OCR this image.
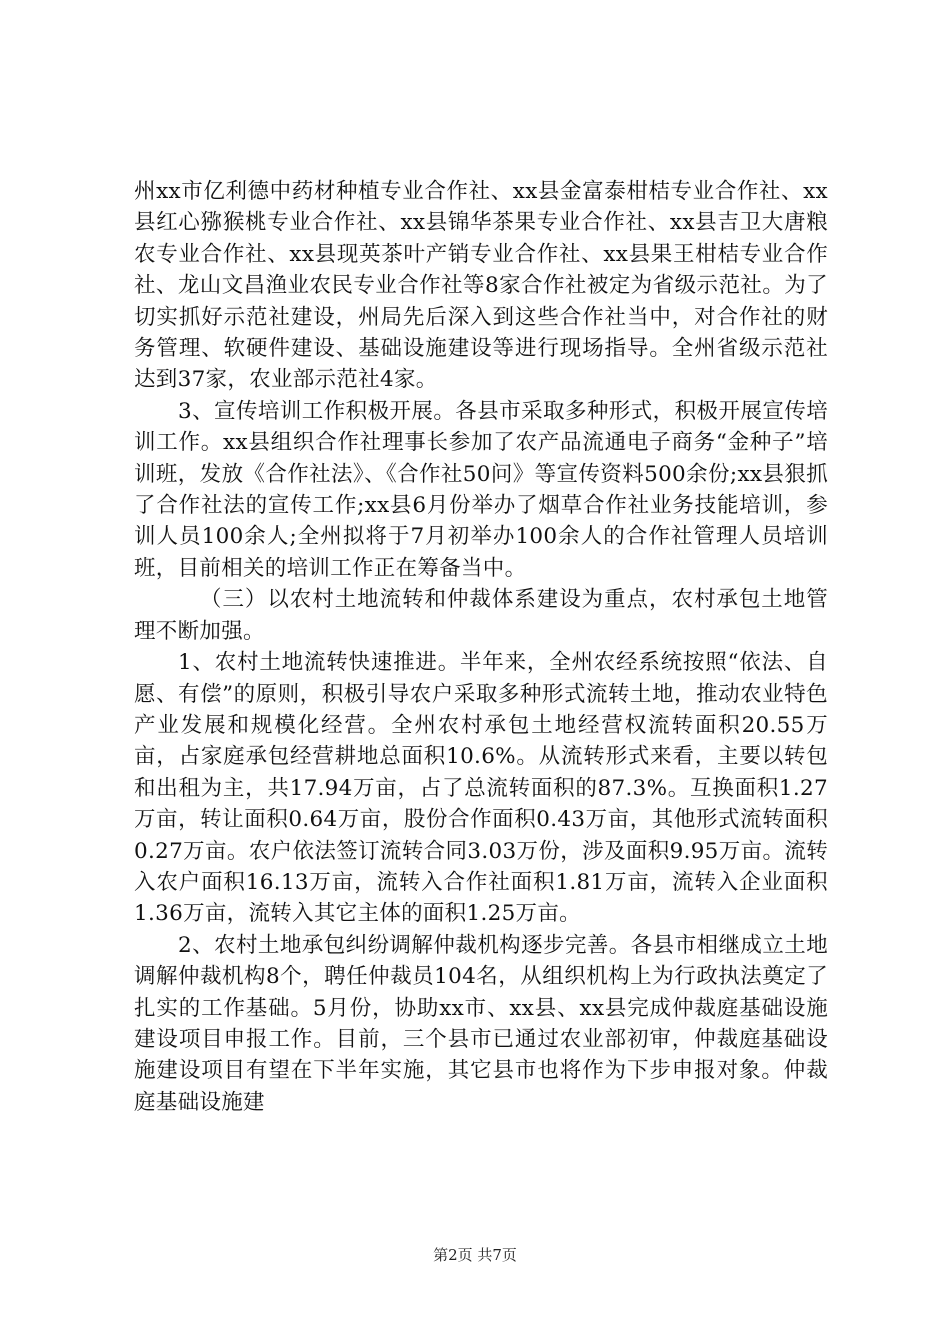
州xx市亿利德中药材种植专业合作社、xx县金富泰柑桔专业合作社、xx县红心猕猴桃专业合作社、xx县锦华茶果专业合作社、xx县吉卫大唐粮农专业合作社、xx县现英茶叶产销专业合作社、xx县果王柑桔专业合作社、龙山文昌渔业农民专业合作社等8家合作社被定为省级示范社。为了切实抓好示范社建设，州局先后深入到这些合作社当中，对合作社的财务管理、软硬件建设、基础设施建设等进行现场指导。全州省级示范社达到37家，农业部示范社4家。

3、宣传培训工作积极开展。各县市采取多种形式，积极开展宣传培训工作。xx县组织合作社理事长参加了农产品流通电子商务“金种子”培训班，发放《合作社法》、《合作社50问》等宣传资料500余份;xx县狠抓了合作社法的宣传工作;xx县6月份举办了烟草合作社业务技能培训，参训人员100余人;全州拟将于7月初举办100余人的合作社管理人员培训班，目前相关的培训工作正在筹备当中。

（三）以农村土地流转和仲裁体系建设为重点，农村承包土地管理不断加强。

1、农村土地流转快速推进。半年来，全州农经系统按照“依法、自愿、有偿”的原则，积极引导农户采取多种形式流转土地，推动农业特色产业发展和规模化经营。全州农村承包土地经营权流转面积20.55万亩，占家庭承包经营耕地总面积10.6%。从流转形式来看，主要以转包和出租为主，共17.94万亩，占了总流转面积的87.3%。互换面积1.27万亩，转让面积0.64万亩，股份合作面积0.43万亩，其他形式流转面积0.27万亩。农户依法签订流转合同3.03万份，涉及面积9.95万亩。流转入农户面积16.13万亩，流转入合作社面积1.81万亩，流转入企业面积1.36万亩，流转入其它主体的面积1.25万亩。

2、农村土地承包纠纷调解仲裁机构逐步完善。各县市相继成立土地调解仲裁机构8个，聘任仲裁员104名，从组织机构上为行政执法奠定了扎实的工作基础。5月份，协助xx市、xx县、xx县完成仲裁庭基础设施建设项目申报工作。目前，三个县市已通过农业部初审，仲裁庭基础设施建设项目有望在下半年实施，其它县市也将作为下步申报对象。仲裁庭基础设施建

第2页 共7页
